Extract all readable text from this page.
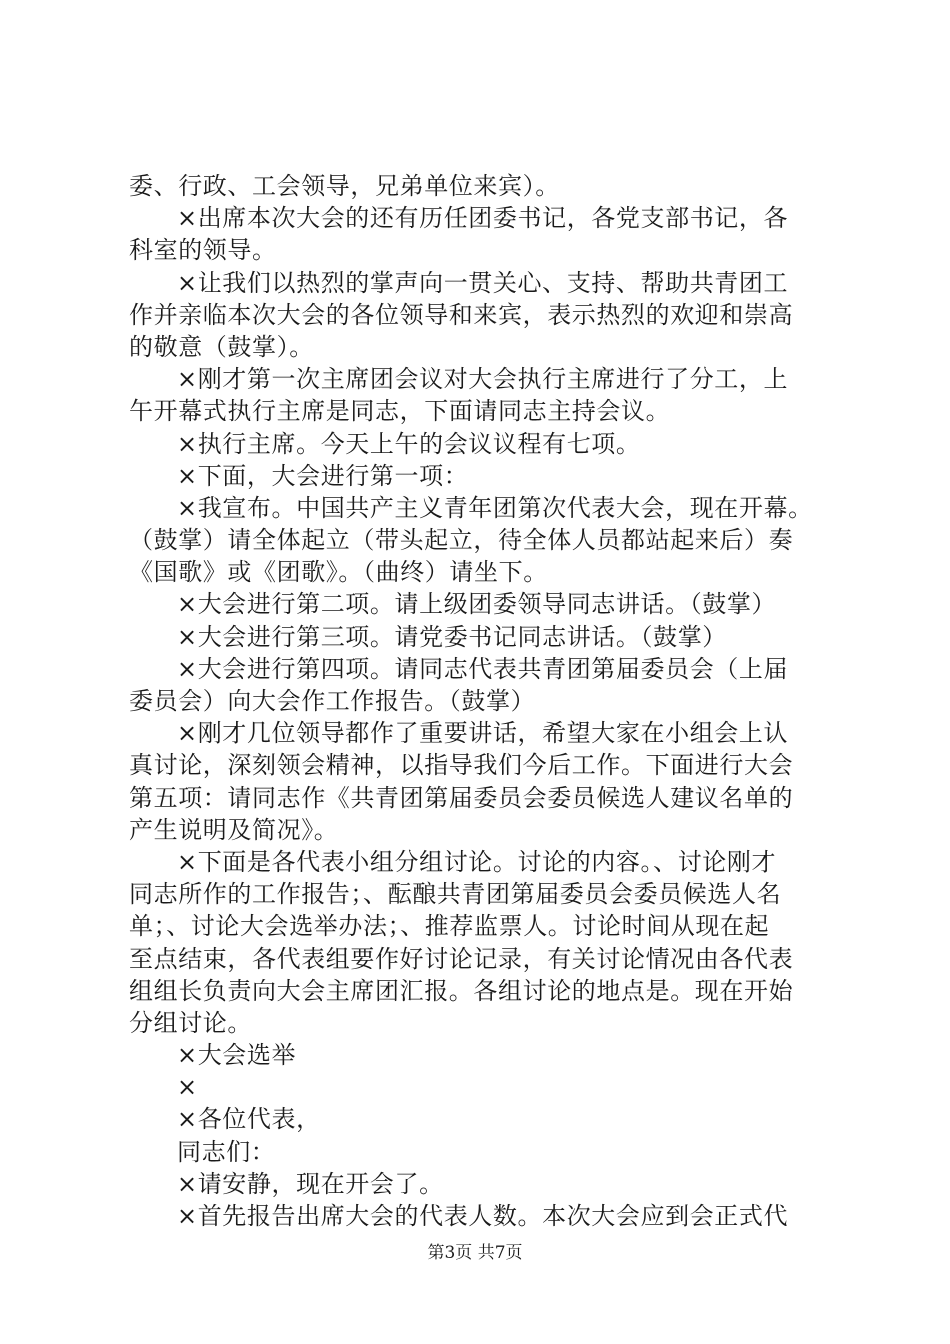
委、行政、工会领导，兄弟单位来宾）。
×出席本次大会的还有历任团委书记，各党支部书记，各
科室的领导。
×让我们以热烈的掌声向一贯关心、支持、帮助共青团工
作并亲临本次大会的各位领导和来宾，表示热烈的欢迎和崇高
的敬意（鼓掌）。
×刚才第一次主席团会议对大会执行主席进行了分工，上
午开幕式执行主席是同志，下面请同志主持会议。
×执行主席。今天上午的会议议程有七项。
×下面，大会进行第一项：
×我宣布。中国共产主义青年团第次代表大会，现在开幕。
（鼓掌）请全体起立（带头起立，待全体人员都站起来后）奏
《国歌》或《团歌》。（曲终）请坐下。
×大会进行第二项。请上级团委领导同志讲话。（鼓掌）
×大会进行第三项。请党委书记同志讲话。（鼓掌）
×大会进行第四项。请同志代表共青团第届委员会（上届
委员会）向大会作工作报告。（鼓掌）
×刚才几位领导都作了重要讲话，希望大家在小组会上认
真讨论，深刻领会精神，以指导我们今后工作。下面进行大会
第五项：请同志作《共青团第届委员会委员候选人建议名单的
产生说明及简况》。
×下面是各代表小组分组讨论。讨论的内容。、讨论刚才
同志所作的工作报告；、酝酿共青团第届委员会委员候选人名
单；、讨论大会选举办法；、推荐监票人。讨论时间从现在起
至点结束，各代表组要作好讨论记录，有关讨论情况由各代表
组组长负责向大会主席团汇报。各组讨论的地点是。现在开始
分组讨论。
×大会选举
×
×各位代表，
同志们：
×请安静，现在开会了。
×首先报告出席大会的代表人数。本次大会应到会正式代
第3页 共7页
